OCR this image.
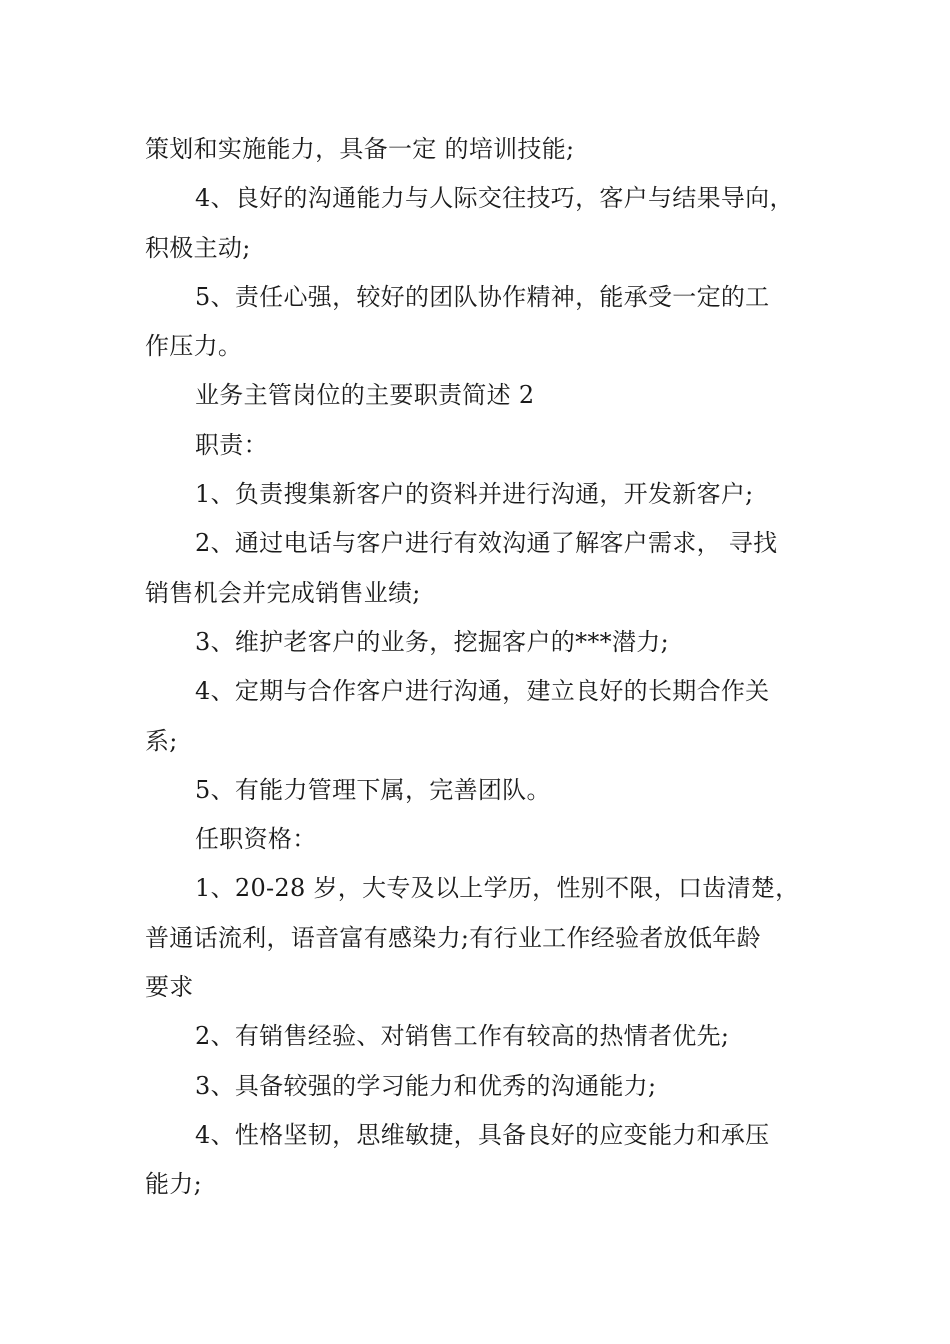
策划和实施能力，具备一定 的培训技能;
4、良好的沟通能力与人际交往技巧，客户与结果导向，
积极主动;
5、责任心强，较好的团队协作精神，能承受一定的工
作压力。
业务主管岗位的主要职责简述 2
职责：
1、负责搜集新客户的资料并进行沟通，开发新客户;
2、通过电话与客户进行有效沟通了解客户需求， 寻找
销售机会并完成销售业绩;
3、维护老客户的业务，挖掘客户的***潜力;
4、定期与合作客户进行沟通，建立良好的长期合作关
系;
5、有能力管理下属，完善团队。
任职资格：
1、20-28 岁，大专及以上学历，性别不限，口齿清楚，
普通话流利，语音富有感染力;有行业工作经验者放低年龄
要求
2、有销售经验、对销售工作有较高的热情者优先;
3、具备较强的学习能力和优秀的沟通能力;
4、性格坚韧，思维敏捷，具备良好的应变能力和承压
能力;
